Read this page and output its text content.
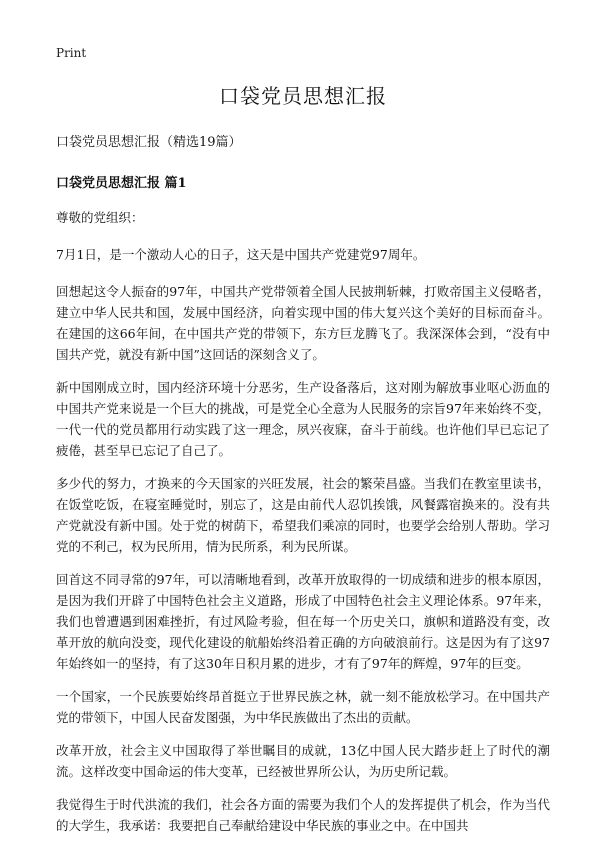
Print
口袋党员思想汇报

口袋党员思想汇报（精选19篇）

口袋党员思想汇报 篇1

尊敬的党组织：

7月1日，是一个激动人心的日子，这天是中国共产党建党97周年。

回想起这令人振奋的97年，中国共产党带领着全国人民披荆斩棘，打败帝国主义侵略者，建立中华人民共和国，发展中国经济，向着实现中国的伟大复兴这个美好的目标而奋斗。在建国的这66年间，在中国共产党的带领下，东方巨龙腾飞了。我深深体会到，“没有中国共产党，就没有新中国”这回话的深刻含义了。

新中国刚成立时，国内经济环境十分恶劣，生产设备落后，这对刚为解放事业呕心沥血的中国共产党来说是一个巨大的挑战，可是党全心全意为人民服务的宗旨97年来始终不变，一代一代的党员都用行动实践了这一理念，夙兴夜寐，奋斗于前线。也许他们早已忘记了疲倦，甚至早已忘记了自己了。

多少代的努力，才换来的今天国家的兴旺发展，社会的繁荣昌盛。当我们在教室里读书，在饭堂吃饭，在寝室睡觉时，别忘了，这是由前代人忍饥挨饿，风餐露宿换来的。没有共产党就没有新中国。处于党的树荫下，希望我们乘凉的同时，也要学会给别人帮助。学习党的不利己，权为民所用，情为民所系，利为民所谋。

回首这不同寻常的97年，可以清晰地看到，改革开放取得的一切成绩和进步的根本原因，是因为我们开辟了中国特色社会主义道路，形成了中国特色社会主义理论体系。97年来，我们也曾遭遇到困难挫折，有过风险考验，但在每一个历史关口，旗帜和道路没有变，改革开放的航向没变，现代化建设的航船始终沿着正确的方向破浪前行。这是因为有了这97年始终如一的坚持，有了这30年日积月累的进步，才有了97年的辉煌，97年的巨变。

一个国家，一个民族要始终昂首挺立于世界民族之林，就一刻不能放松学习。在中国共产党的带领下，中国人民奋发图强，为中华民族做出了杰出的贡献。

改革开放，社会主义中国取得了举世瞩目的成就，13亿中国人民大踏步赶上了时代的潮流。这样改变中国命运的伟大变革，已经被世界所公认，为历史所记载。

我觉得生于时代洪流的我们，社会各方面的需要为我们个人的发挥提供了机会，作为当代的大学生，我承诺：我要把自己奉献给建设中华民族的事业之中。在中国共
